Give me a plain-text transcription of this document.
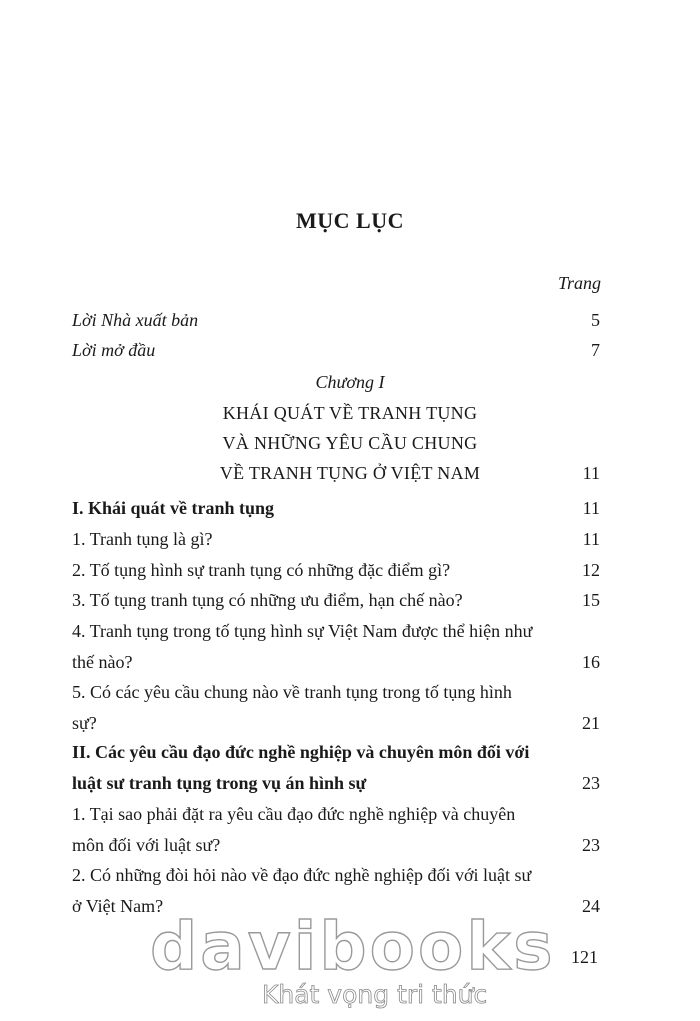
MỤC LỤC
Trang
Lời Nhà xuất bản	5
Lời mở đầu	7
Chương I
KHÁI QUÁT VỀ TRANH TỤNG
VÀ NHỮNG YÊU CẦU CHUNG
VỀ TRANH TỤNG Ở VIỆT NAM	11
I. Khái quát về tranh tụng	11
1. Tranh tụng là gì?	11
2. Tố tụng hình sự tranh tụng có những đặc điểm gì?	12
3. Tố tụng tranh tụng có những ưu điểm, hạn chế nào?	15
4. Tranh tụng trong tố tụng hình sự Việt Nam được thể hiện như thế nào?	16
5. Có các yêu cầu chung nào về tranh tụng trong tố tụng hình sự?	21
II. Các yêu cầu đạo đức nghề nghiệp và chuyên môn đối với luật sư tranh tụng trong vụ án hình sự	23
1. Tại sao phải đặt ra yêu cầu đạo đức nghề nghiệp và chuyên môn đối với luật sư?	23
2. Có những đòi hỏi nào về đạo đức nghề nghiệp đối với luật sư ở Việt Nam?	24
davibooks 121
Khát vọng tri thức
